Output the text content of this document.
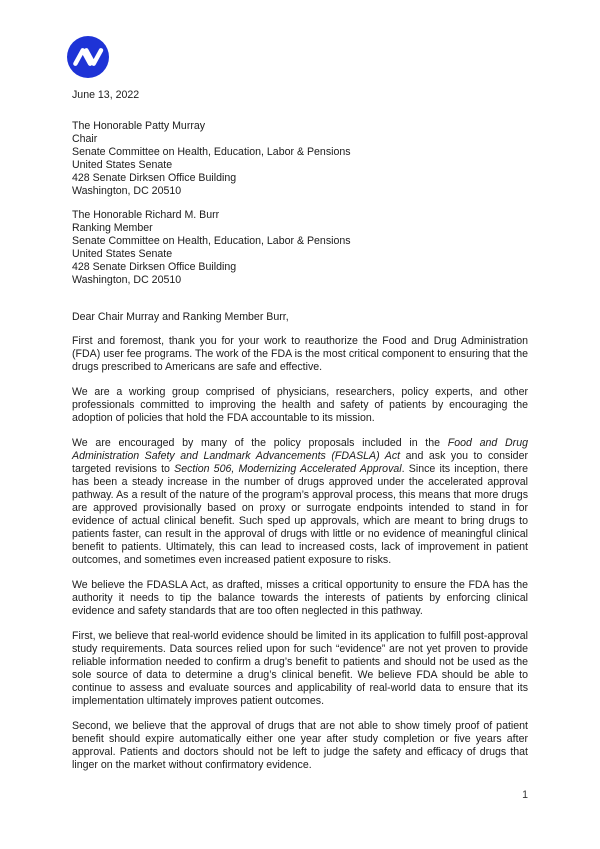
June 13, 2022
The Honorable Patty Murray
Chair
Senate Committee on Health, Education, Labor & Pensions
United States Senate
428 Senate Dirksen Office Building
Washington, DC 20510
The Honorable Richard M. Burr
Ranking Member
Senate Committee on Health, Education, Labor & Pensions
United States Senate
428 Senate Dirksen Office Building
Washington, DC 20510
Dear Chair Murray and Ranking Member Burr,

First and foremost, thank you for your work to reauthorize the Food and Drug Administration (FDA) user fee programs. The work of the FDA is the most critical component to ensuring that the drugs prescribed to Americans are safe and effective.

We are a working group comprised of physicians, researchers, policy experts, and other professionals committed to improving the health and safety of patients by encouraging the adoption of policies that hold the FDA accountable to its mission.

We are encouraged by many of the policy proposals included in the Food and Drug Administration Safety and Landmark Advancements (FDASLA) Act and ask you to consider targeted revisions to Section 506, Modernizing Accelerated Approval. Since its inception, there has been a steady increase in the number of drugs approved under the accelerated approval pathway. As a result of the nature of the program’s approval process, this means that more drugs are approved provisionally based on proxy or surrogate endpoints intended to stand in for evidence of actual clinical benefit. Such sped up approvals, which are meant to bring drugs to patients faster, can result in the approval of drugs with little or no evidence of meaningful clinical benefit to patients. Ultimately, this can lead to increased costs, lack of improvement in patient outcomes, and sometimes even increased patient exposure to risks.

We believe the FDASLA Act, as drafted, misses a critical opportunity to ensure the FDA has the authority it needs to tip the balance towards the interests of patients by enforcing clinical evidence and safety standards that are too often neglected in this pathway.

First, we believe that real-world evidence should be limited in its application to fulfill post-approval study requirements. Data sources relied upon for such “evidence” are not yet proven to provide reliable information needed to confirm a drug’s benefit to patients and should not be used as the sole source of data to determine a drug’s clinical benefit. We believe FDA should be able to continue to assess and evaluate sources and applicability of real-world data to ensure that its implementation ultimately improves patient outcomes.

Second, we believe that the approval of drugs that are not able to show timely proof of patient benefit should expire automatically either one year after study completion or five years after approval. Patients and doctors should not be left to judge the safety and efficacy of drugs that linger on the market without confirmatory evidence.

1
